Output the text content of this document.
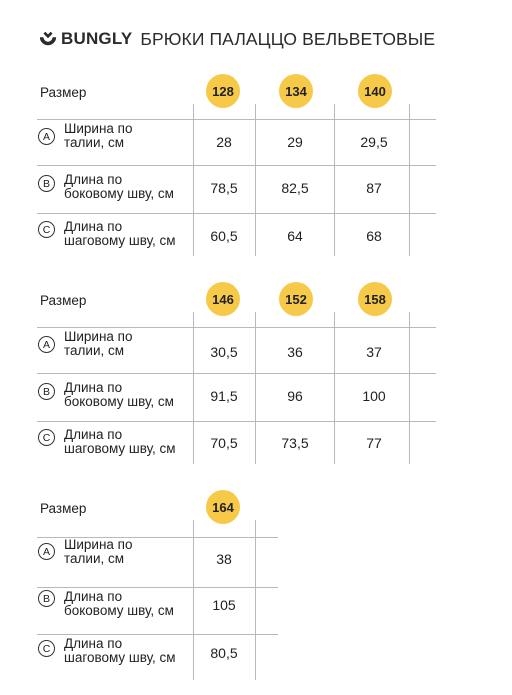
BUNGLY БРЮКИ ПАЛАЦЦО ВЕЛЬВЕТОВЫЕ
Размер	128	134	140
A
Ширина по
талии, см	28	29	29,5
B	Длина по
боковому шву, см	78,5	82,5	87
C	Длина по
шаговому шву, см	60,5	64	68
Размер	146	152	158
A
Ширина по
талии, см	30,5	36	37
B	Длина по
боковому шву, см	91,5	96	100
C	Длина по
шаговому шву, см	70,5	73,5	77
Размер	164
A	Ширина по
талии, см	38
B	Длина по
боковому шву, см	105
C	Длина по
шаговому шву, см	80,5
